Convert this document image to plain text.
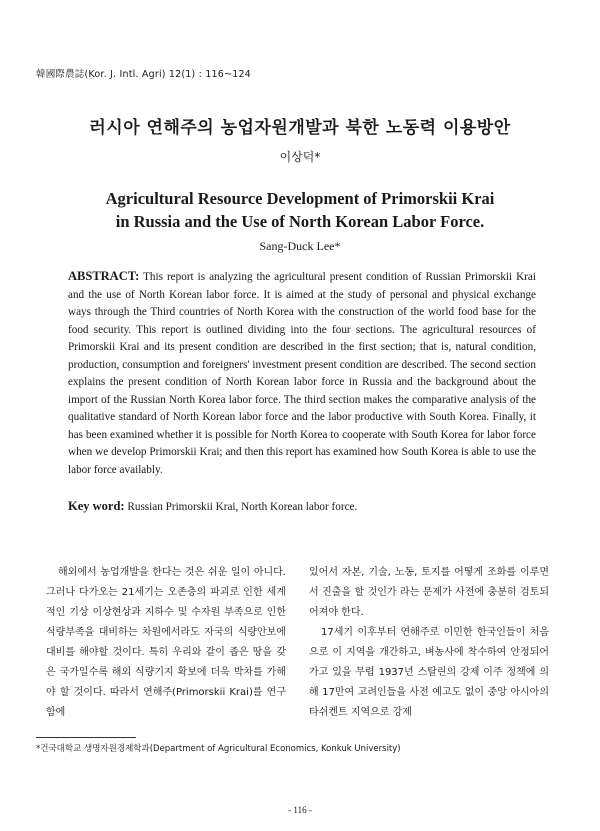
韓國際農誌(Kor. J. Intl. Agri) 12(1) : 116~124
러시아 연해주의 농업자원개발과 북한 노동력 이용방안
이상덕*
Agricultural Resource Development of Primorskii Krai
in Russia and the Use of North Korean Labor Force.
Sang-Duck Lee*
ABSTRACT: This report is analyzing the agricultural present condition of Russian Primorskii Krai and the use of North Korean labor force. It is aimed at the study of personal and physical exchange ways through the Third countries of North Korea with the construction of the world food base for the food security. This report is outlined dividing into the four sections. The agricultural resources of Primorskii Krai and its present condition are described in the first section; that is, natural condition, production, consumption and foreigners' investment present condition are described. The second section explains the present condition of North Korean labor force in Russia and the background about the import of the Russian North Korea labor force. The third section makes the comparative analysis of the qualitative standard of North Korean labor force and the labor productive with South Korea. Finally, it has been examined whether it is possible for North Korea to cooperate with South Korea for labor force when we develop Primorskii Krai; and then this report has examined how South Korea is able to use the labor force availably.
Key word: Russian Primorskii Krai, North Korean labor force.

해외에서 농업개발을 한다는 것은 쉬운 일이 아니다. 그러나 다가오는 21세기는 오존층의 파괴로 인한 세계적인 기상 이상현상과 지하수 및 수자원 부족으로 인한 식량부족을 대비하는 차원에서라도 자국의 식량안보에 대비를 해야할 것이다. 특히 우리와 같이 좁은 땅을 갖은 국가일수록 해외 식량기지 확보에 더욱 박차를 가해야 할 것이다. 따라서 연해주(Primorskii Krai)를 연구함에

있어서 자본, 기술, 노동, 토지를 어떻게 조화를 이루면서 진출을 할 것인가 라는 문제가 사전에 충분히 검토되어져야 한다.

17세기 이후부터 연해주로 이민한 한국인들이 처음으로 이 지역을 개간하고, 벼농사에 착수하여 안정되어 가고 있을 무렵 1937년 스탈린의 강제 이주 정책에 의해 17만여 고려인들을 사전 예고도 없이 중앙 아시아의 타쉬켄트 지역으로 강제

*건국대학교 생명자원경제학과(Department of Agricultural Economics, Konkuk University)
- 116 -
